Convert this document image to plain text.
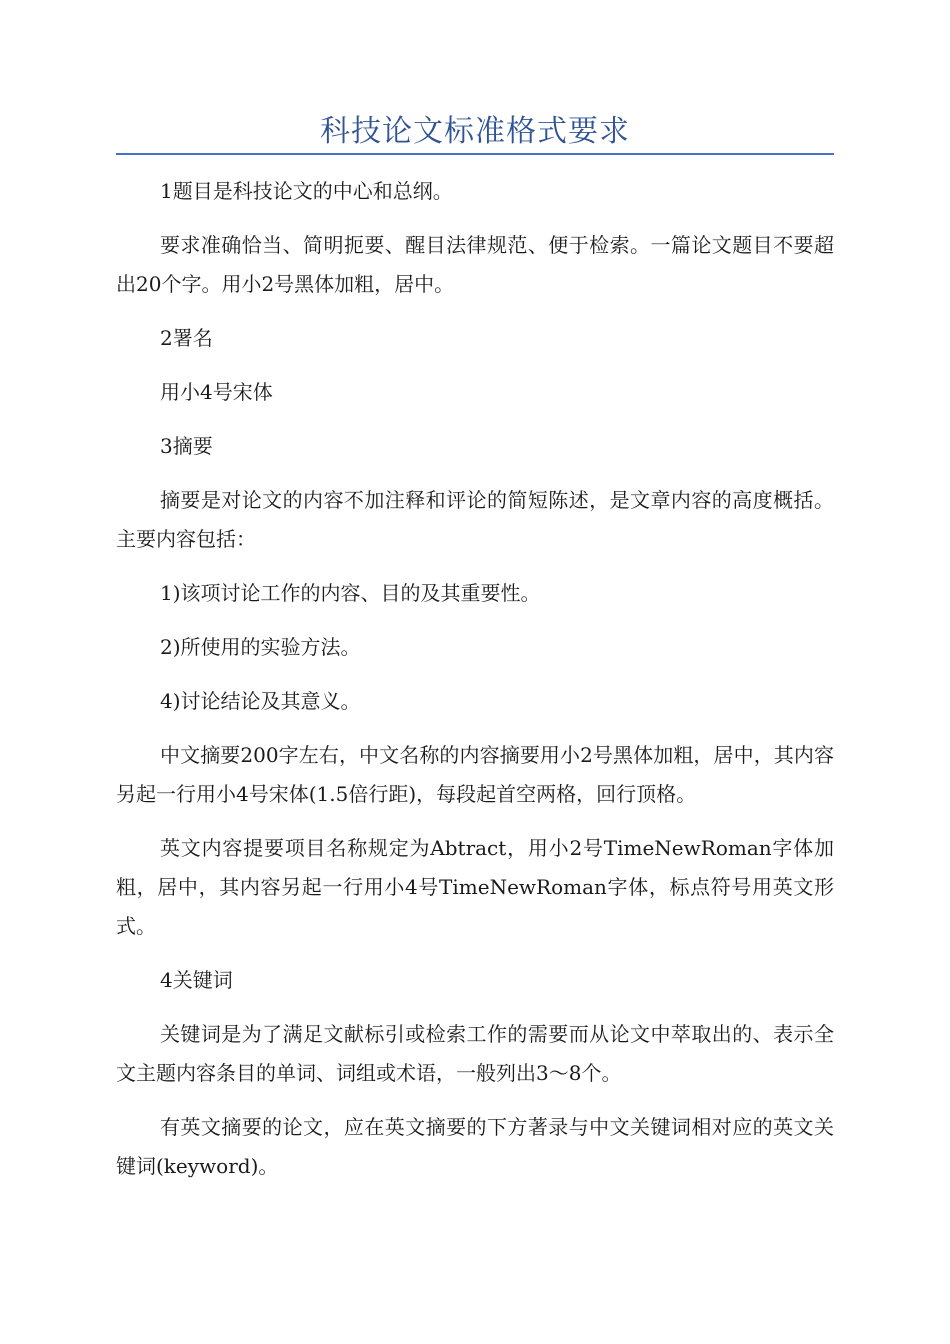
科技论文标准格式要求

1题目是科技论文的中心和总纲。

要求准确恰当、简明扼要、醒目法律规范、便于检索。一篇论文题目不要超出20个字。用小2号黑体加粗，居中。

2署名

用小4号宋体

3摘要

摘要是对论文的内容不加注释和评论的简短陈述，是文章内容的高度概括。主要内容包括：

1)该项讨论工作的内容、目的及其重要性。

2)所使用的实验方法。

4)讨论结论及其意义。

中文摘要200字左右，中文名称的内容摘要用小2号黑体加粗，居中，其内容另起一行用小4号宋体(1.5倍行距)，每段起首空两格，回行顶格。

英文内容提要项目名称规定为Abtract，用小2号TimeNewRoman字体加粗，居中，其内容另起一行用小4号TimeNewRoman字体，标点符号用英文形式。

4关键词

关键词是为了满足文献标引或检索工作的需要而从论文中萃取出的、表示全文主题内容条目的单词、词组或术语，一般列出3～8个。

有英文摘要的论文，应在英文摘要的下方著录与中文关键词相对应的英文关键词(keyword)。
